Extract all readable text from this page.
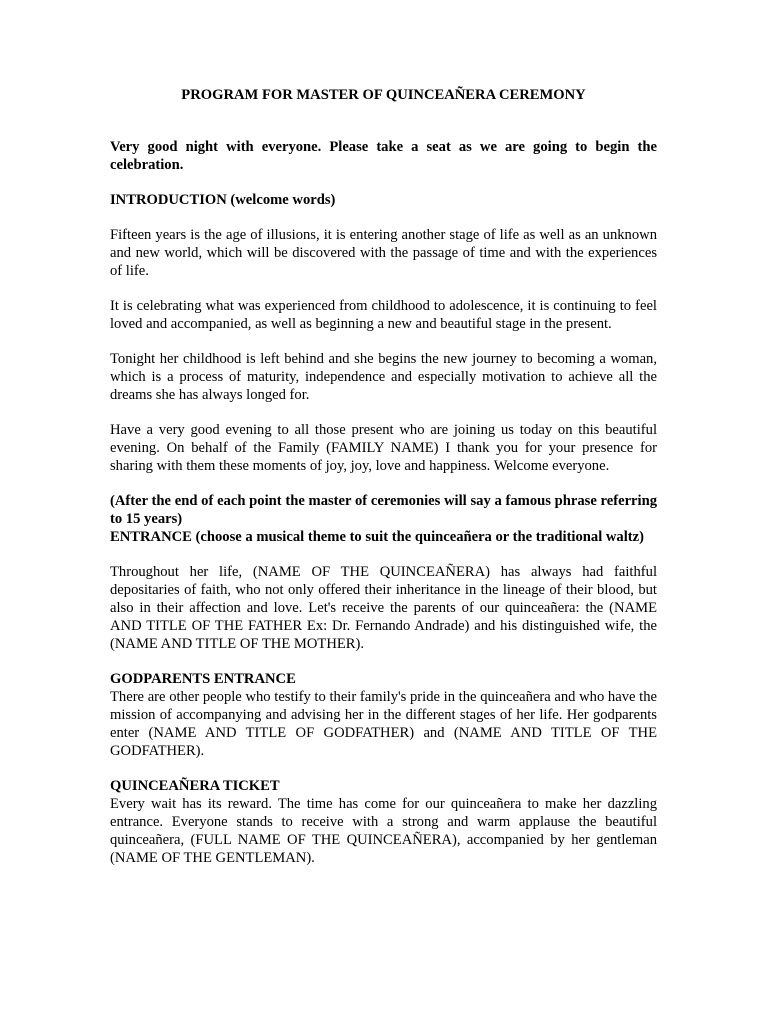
PROGRAM FOR MASTER OF QUINCEAÑERA CEREMONY

Very good night with everyone. Please take a seat as we are going to begin the celebration.

INTRODUCTION (welcome words)

Fifteen years is the age of illusions, it is entering another stage of life as well as an unknown and new world, which will be discovered with the passage of time and with the experiences of life.

It is celebrating what was experienced from childhood to adolescence, it is continuing to feel loved and accompanied, as well as beginning a new and beautiful stage in the present.

Tonight her childhood is left behind and she begins the new journey to becoming a woman, which is a process of maturity, independence and especially motivation to achieve all the dreams she has always longed for.

Have a very good evening to all those present who are joining us today on this beautiful evening. On behalf of the Family (FAMILY NAME) I thank you for your presence for sharing with them these moments of joy, joy, love and happiness. Welcome everyone.

(After the end of each point the master of ceremonies will say a famous phrase referring to 15 years)

ENTRANCE (choose a musical theme to suit the quinceañera or the traditional waltz)

Throughout her life, (NAME OF THE QUINCEAÑERA) has always had faithful depositaries of faith, who not only offered their inheritance in the lineage of their blood, but also in their affection and love. Let's receive the parents of our quinceañera: the (NAME AND TITLE OF THE FATHER Ex: Dr. Fernando Andrade) and his distinguished wife, the (NAME AND TITLE OF THE MOTHER).

GODPARENTS ENTRANCE

There are other people who testify to their family's pride in the quinceañera and who have the mission of accompanying and advising her in the different stages of her life. Her godparents enter (NAME AND TITLE OF GODFATHER) and (NAME AND TITLE OF THE GODFATHER).

QUINCEAÑERA TICKET

Every wait has its reward. The time has come for our quinceañera to make her dazzling entrance. Everyone stands to receive with a strong and warm applause the beautiful quinceañera, (FULL NAME OF THE QUINCEAÑERA), accompanied by her gentleman (NAME OF THE GENTLEMAN).
